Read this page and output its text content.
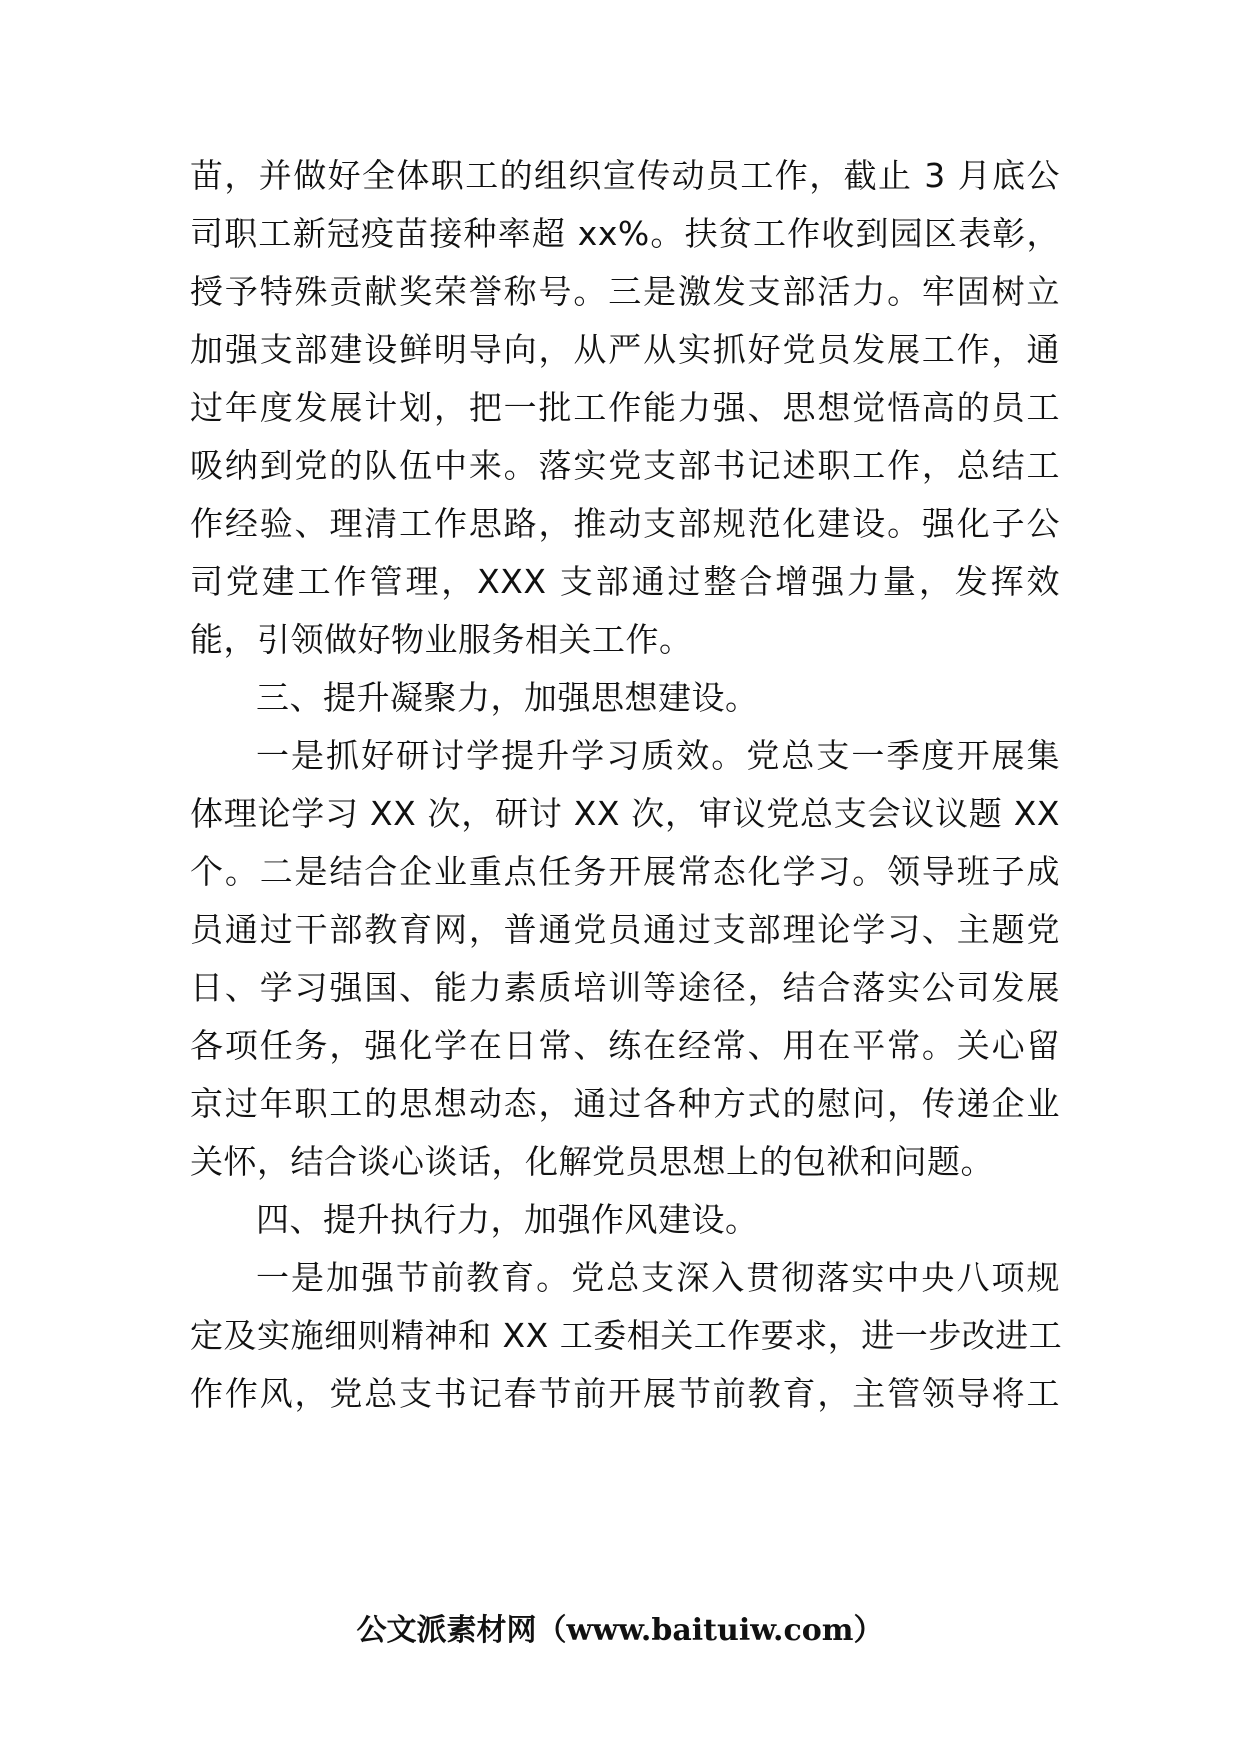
苗，并做好全体职工的组织宣传动员工作，截止 3 月底公
司职工新冠疫苗接种率超 xx%。扶贫工作收到园区表彰，
授予特殊贡献奖荣誉称号。三是激发支部活力。牢固树立
加强支部建设鲜明导向，从严从实抓好党员发展工作，通
过年度发展计划，把一批工作能力强、思想觉悟高的员工
吸纳到党的队伍中来。落实党支部书记述职工作，总结工
作经验、理清工作思路，推动支部规范化建设。强化子公
司党建工作管理，XXX 支部通过整合增强力量，发挥效
能，引领做好物业服务相关工作。
三、提升凝聚力，加强思想建设。
一是抓好研讨学提升学习质效。党总支一季度开展集
体理论学习 XX 次，研讨 XX 次，审议党总支会议议题 XX
个。二是结合企业重点任务开展常态化学习。领导班子成
员通过干部教育网，普通党员通过支部理论学习、主题党
日、学习强国、能力素质培训等途径，结合落实公司发展
各项任务，强化学在日常、练在经常、用在平常。关心留
京过年职工的思想动态，通过各种方式的慰问，传递企业
关怀，结合谈心谈话，化解党员思想上的包袱和问题。
四、提升执行力，加强作风建设。
一是加强节前教育。党总支深入贯彻落实中央八项规
定及实施细则精神和 XX 工委相关工作要求，进一步改进工
作作风，党总支书记春节前开展节前教育，主管领导将工
公文派素材网（www.baituiw.com）
